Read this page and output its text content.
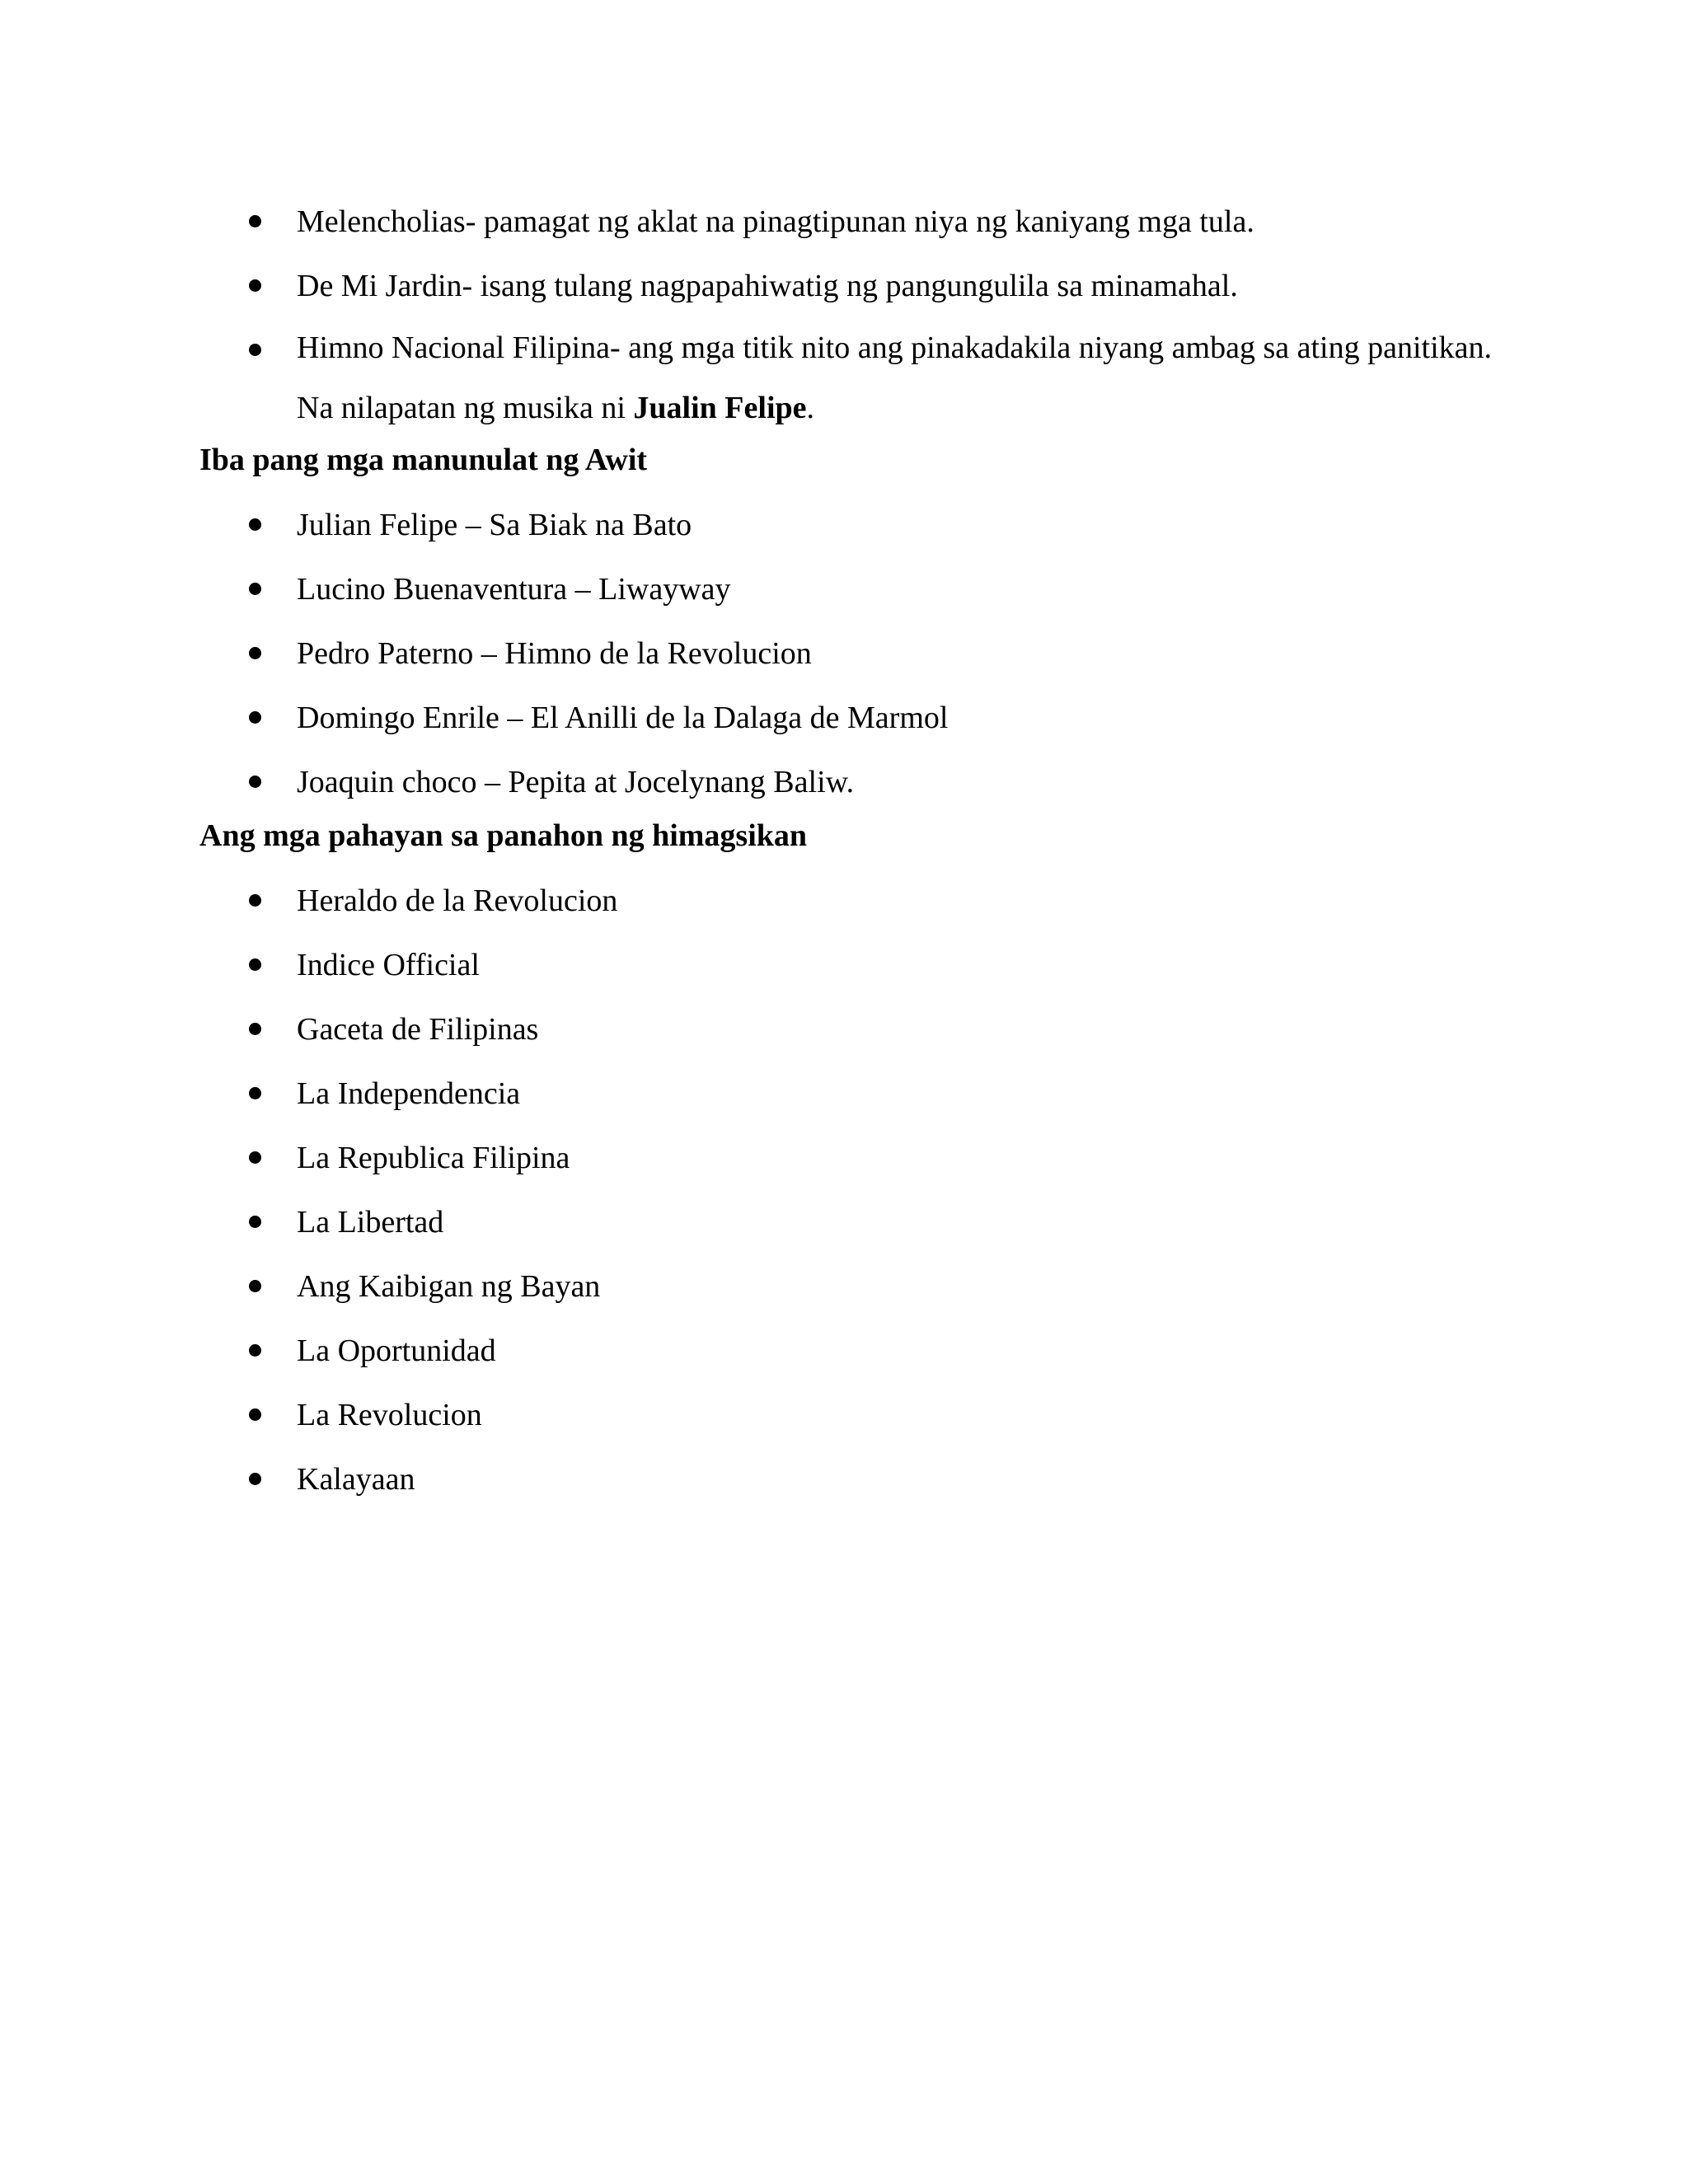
Melencholias- pamagat ng aklat na pinagtipunan niya ng kaniyang mga tula.
De Mi Jardin- isang tulang nagpapahiwatig ng pangungulila sa minamahal.
Himno Nacional Filipina- ang mga titik nito ang pinakadakila niyang ambag sa ating panitikan. Na nilapatan ng musika ni Jualin Felipe.
Iba pang mga manunulat ng Awit
Julian Felipe – Sa Biak na Bato
Lucino Buenaventura – Liwayway
Pedro Paterno – Himno de la Revolucion
Domingo Enrile – El Anilli de la Dalaga de Marmol
Joaquin choco – Pepita at Jocelynang Baliw.
Ang mga pahayan sa panahon ng himagsikan
Heraldo de la Revolucion
Indice Official
Gaceta de Filipinas
La Independencia
La Republica Filipina
La Libertad
Ang Kaibigan ng Bayan
La Oportunidad
La Revolucion
Kalayaan
